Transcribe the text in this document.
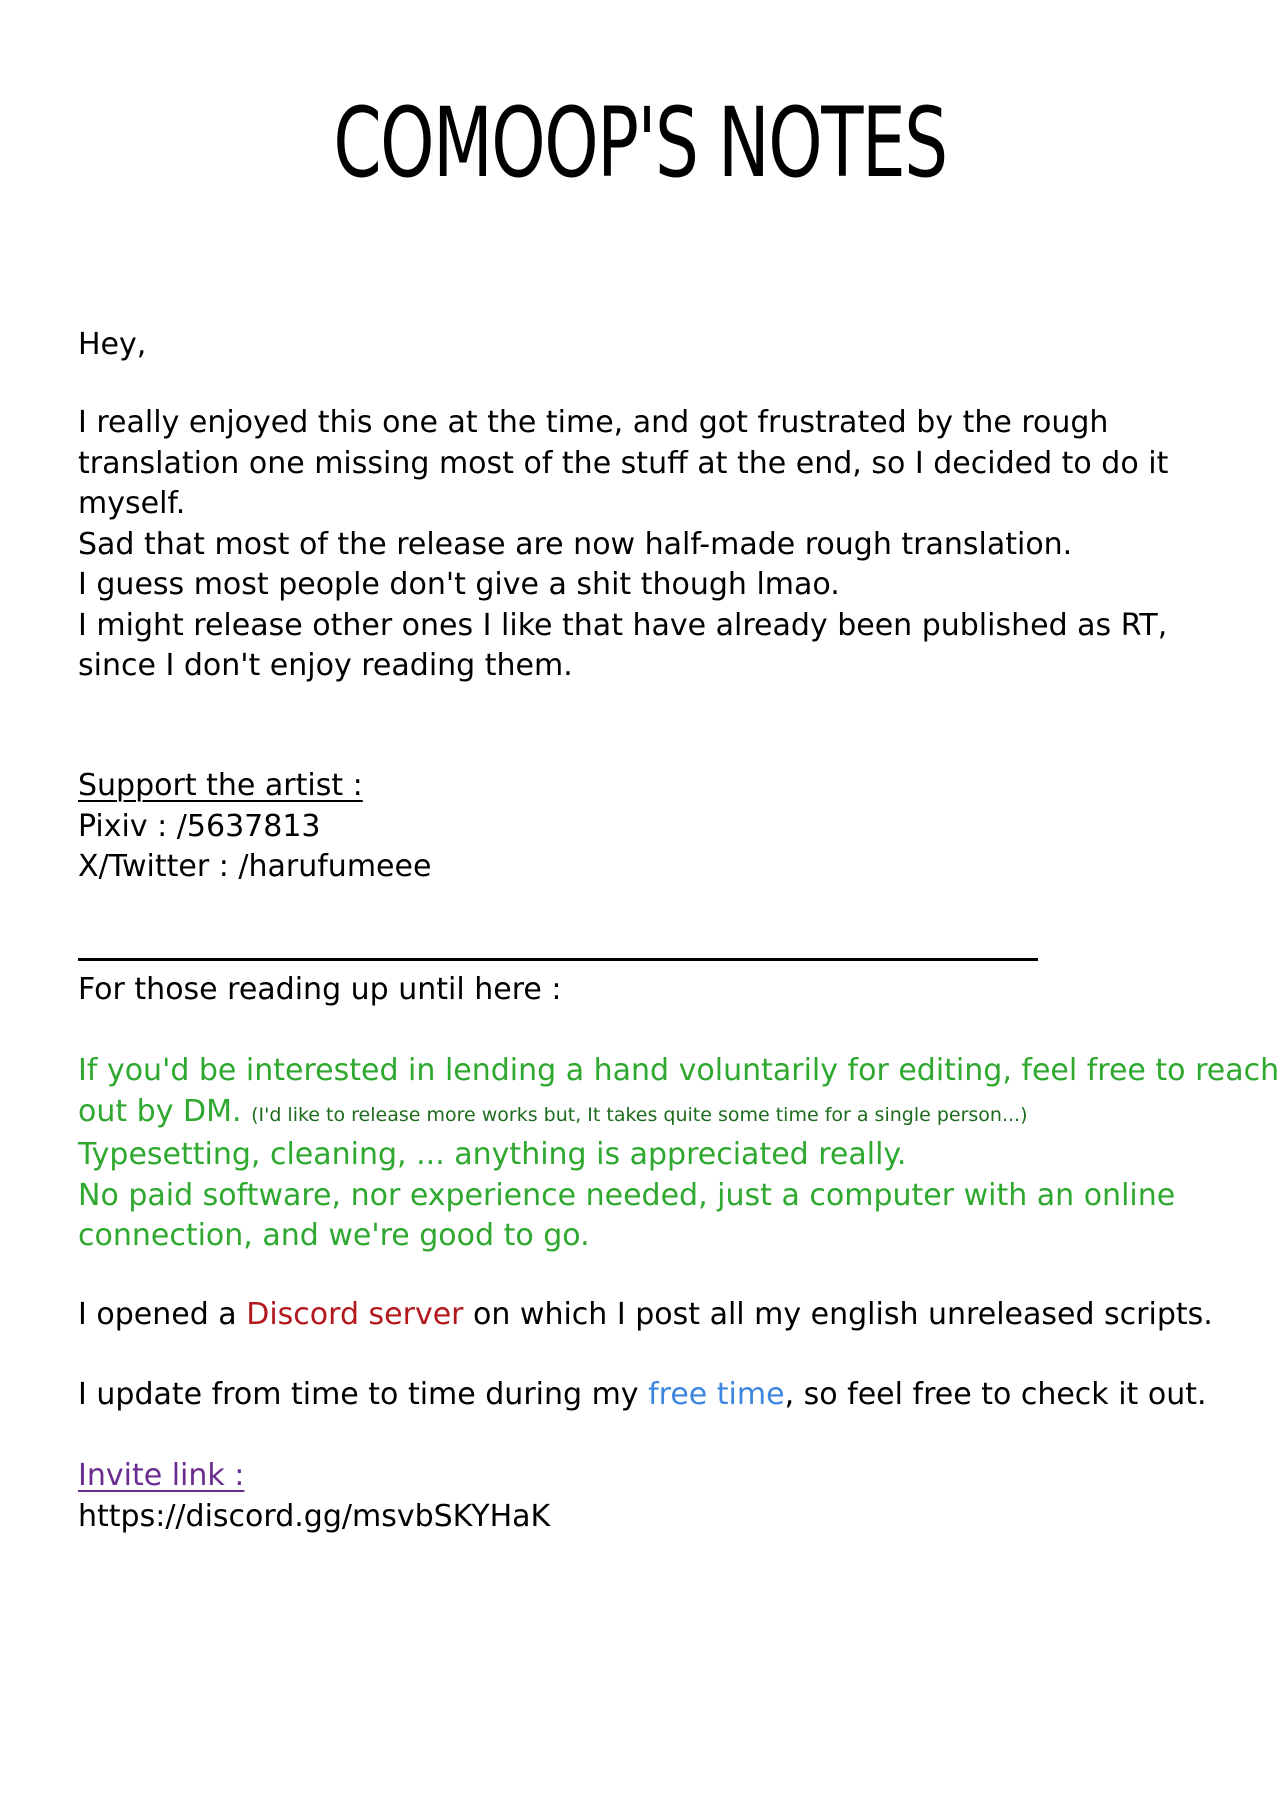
COMOOP'S NOTES
Hey,
I really enjoyed this one at the time, and got frustrated by the rough
translation one missing most of the stuff at the end, so I decided to do it
myself.
Sad that most of the release are now half-made rough translation.
I guess most people don't give a shit though lmao.
I might release other ones I like that have already been published as RT,
since I don't enjoy reading them.
Support the artist :
Pixiv : /5637813
X/Twitter : /harufumeee
For those reading up until here :
If you'd be interested in lending a hand voluntarily for editing, feel free to reach
out by DM. (I'd like to release more works but, It takes quite some time for a single person...)
Typesetting, cleaning, ... anything is appreciated really.
No paid software, nor experience needed, just a computer with an online
connection, and we're good to go.
I opened a Discord server on which I post all my english unreleased scripts.
I update from time to time during my free time, so feel free to check it out.
Invite link :
https://discord.gg/msvbSKYHaK
